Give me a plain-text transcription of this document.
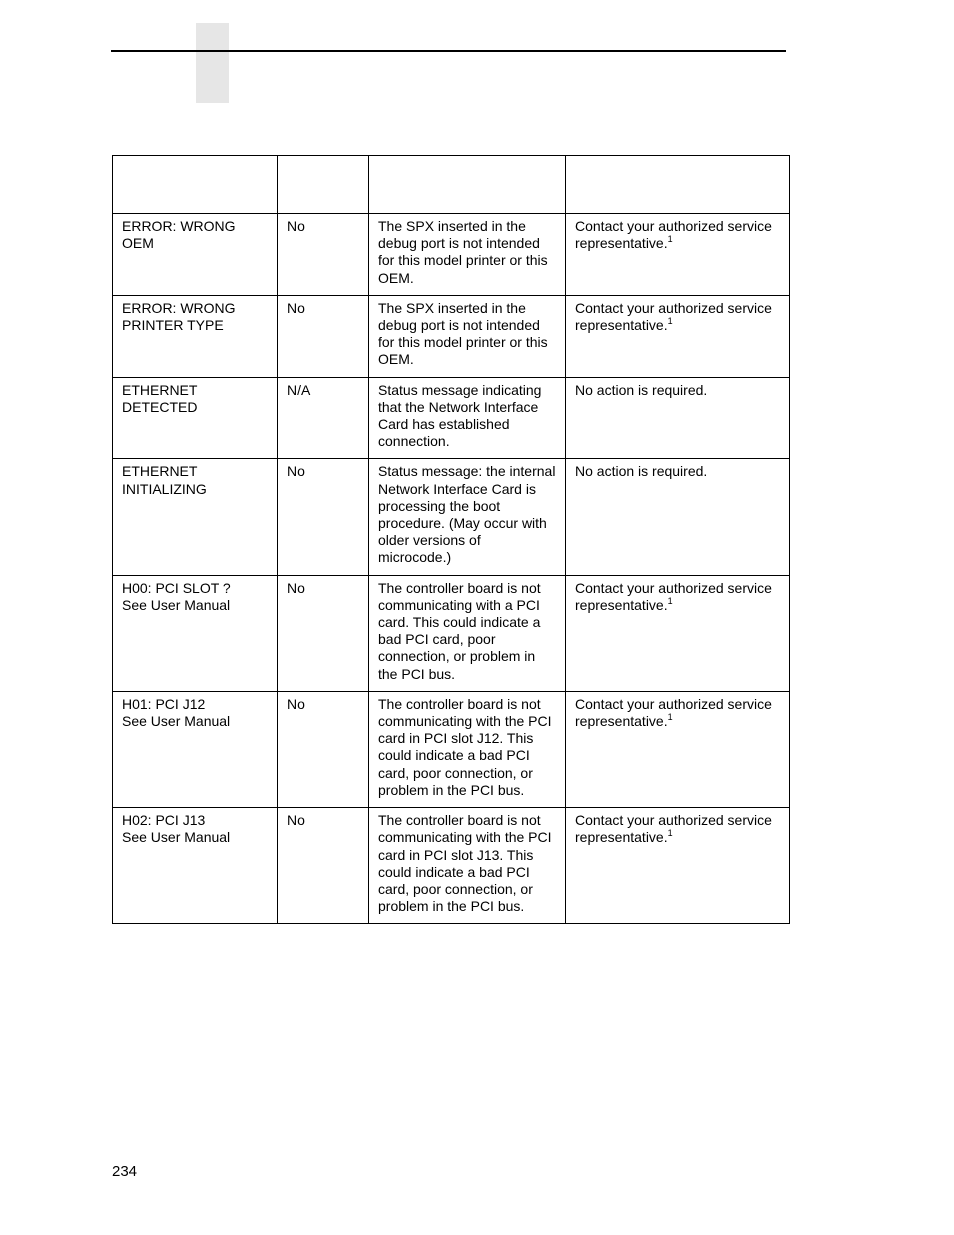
ERROR: WRONG
OEM	No	The SPX inserted in the debug port is not intended for this model printer or this OEM.	Contact your authorized service representative.$^1$

ERROR: WRONG
PRINTER TYPE	No	The SPX inserted in the debug port is not intended for this model printer or this OEM.	Contact your authorized service representative.$^1$

ETHERNET
DETECTED	N/A	Status message indicating that the Network Interface Card has established connection.	No action is required.

ETHERNET
INITIALIZING	No	Status message: the internal Network Interface Card is processing the boot procedure. (May occur with older versions of microcode.)	No action is required.

H00: PCI SLOT ?
See User Manual	No	The controller board is not communicating with a PCI card. This could indicate a bad PCI card, poor connection, or problem in the PCI bus.	Contact your authorized service representative.$^1$

H01: PCI J12
See User Manual	No	The controller board is not communicating with the PCI card in PCI slot J12. This could indicate a bad PCI card, poor connection, or problem in the PCI bus.	Contact your authorized service representative.$^1$

H02: PCI J13
See User Manual	No	The controller board is not communicating with the PCI card in PCI slot J13. This could indicate a bad PCI card, poor connection, or problem in the PCI bus.	Contact your authorized service representative.$^1$
234
